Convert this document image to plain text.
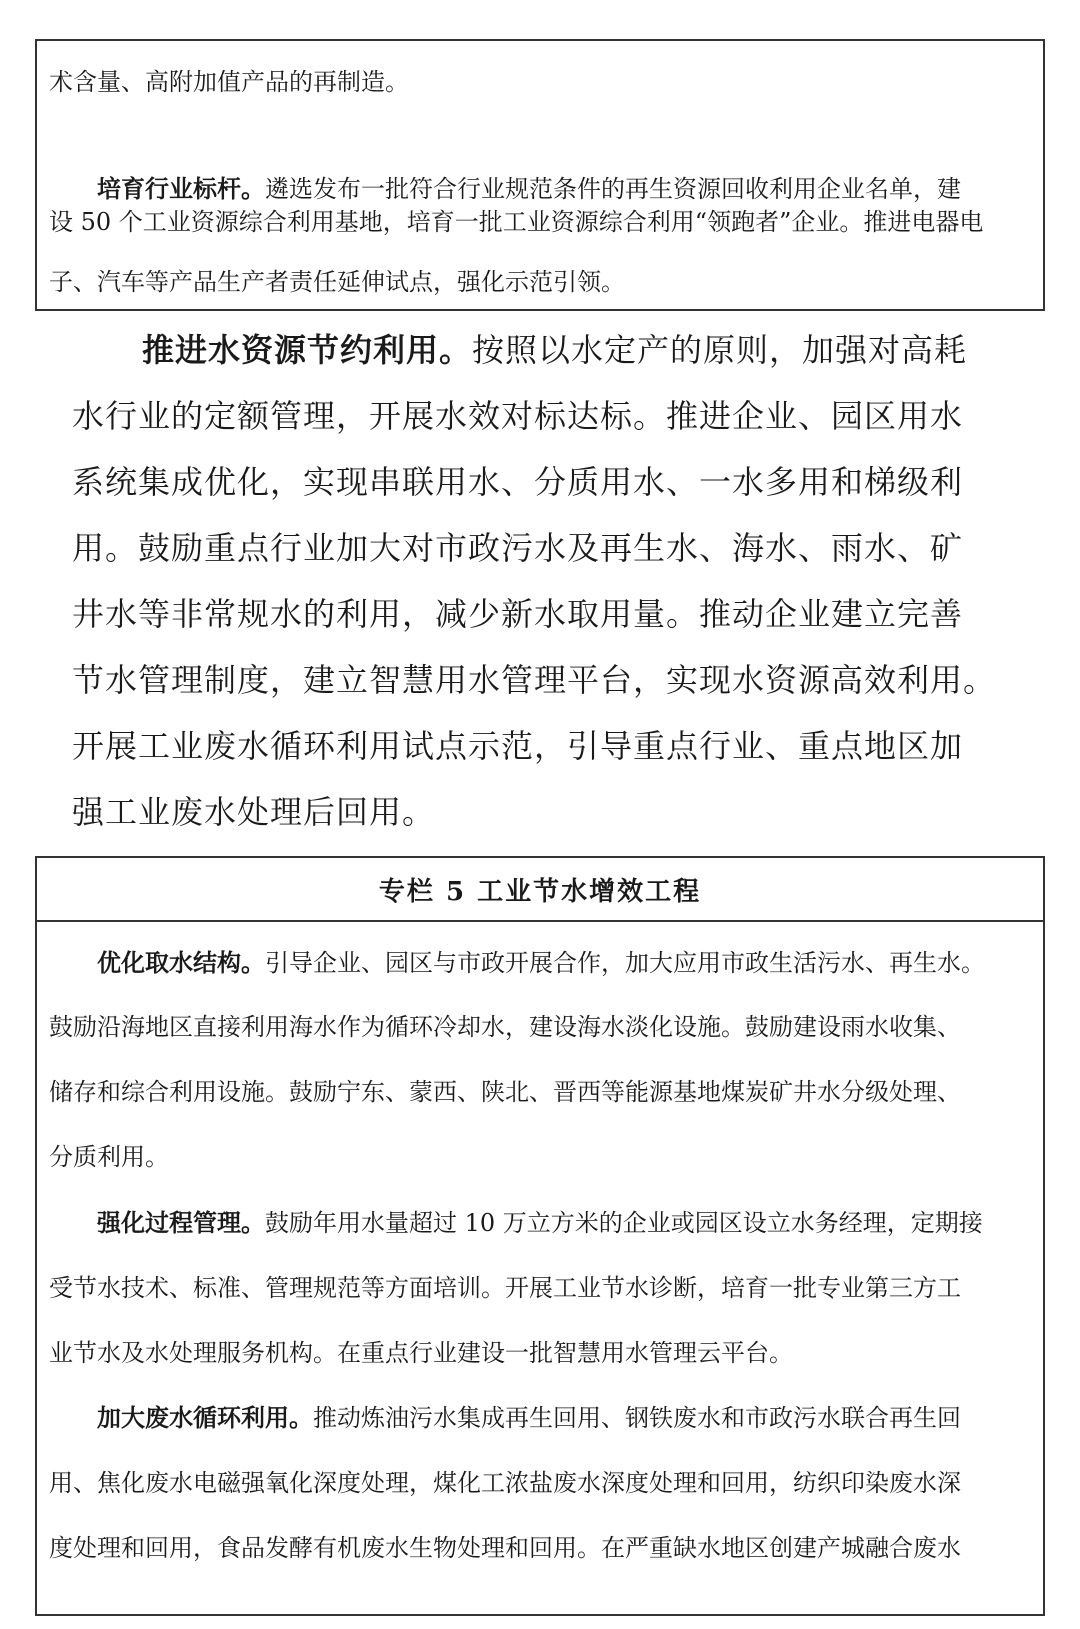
术含量、高附加值产品的再制造。
培育行业标杆。遴选发布一批符合行业规范条件的再生资源回收利用企业名单，建
设 50 个工业资源综合利用基地，培育一批工业资源综合利用“领跑者”企业。推进电器电
子、汽车等产品生产者责任延伸试点，强化示范引领。
推进水资源节约利用。按照以水定产的原则，加强对高耗
水行业的定额管理，开展水效对标达标。推进企业、园区用水
系统集成优化，实现串联用水、分质用水、一水多用和梯级利
用。鼓励重点行业加大对市政污水及再生水、海水、雨水、矿
井水等非常规水的利用，减少新水取用量。推动企业建立完善
节水管理制度，建立智慧用水管理平台，实现水资源高效利用。
开展工业废水循环利用试点示范，引导重点行业、重点地区加
强工业废水处理后回用。
专栏 5 工业节水增效工程
优化取水结构。引导企业、园区与市政开展合作，加大应用市政生活污水、再生水。
鼓励沿海地区直接利用海水作为循环冷却水，建设海水淡化设施。鼓励建设雨水收集、
储存和综合利用设施。鼓励宁东、蒙西、陕北、晋西等能源基地煤炭矿井水分级处理、
分质利用。
强化过程管理。鼓励年用水量超过 10 万立方米的企业或园区设立水务经理，定期接
受节水技术、标准、管理规范等方面培训。开展工业节水诊断，培育一批专业第三方工
业节水及水处理服务机构。在重点行业建设一批智慧用水管理云平台。
加大废水循环利用。推动炼油污水集成再生回用、钢铁废水和市政污水联合再生回
用、焦化废水电磁强氧化深度处理，煤化工浓盐废水深度处理和回用，纺织印染废水深
度处理和回用，食品发酵有机废水生物处理和回用。在严重缺水地区创建产城融合废水
